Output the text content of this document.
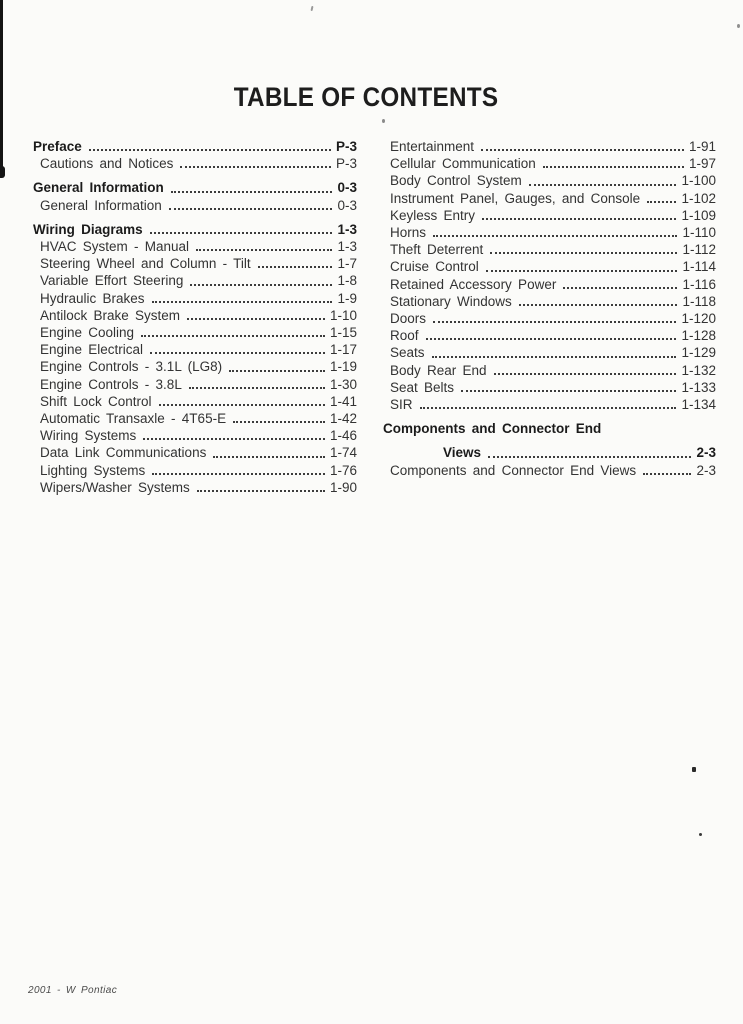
TABLE OF CONTENTS
Preface	P-3
Cautions and Notices	P-3
General Information	0-3
General Information	0-3
Wiring Diagrams	1-3
HVAC System - Manual	1-3
Steering Wheel and Column - Tilt	1-7
Variable Effort Steering	1-8
Hydraulic Brakes	1-9
Antilock Brake System	1-10
Engine Cooling	1-15
Engine Electrical	1-17
Engine Controls - 3.1L (LG8)	1-19
Engine Controls - 3.8L	1-30
Shift Lock Control	1-41
Automatic Transaxle - 4T65-E	1-42
Wiring Systems	1-46
Data Link Communications	1-74
Lighting Systems	1-76
Wipers/Washer Systems	1-90
Entertainment	1-91
Cellular Communication	1-97
Body Control System	1-100
Instrument Panel, Gauges, and Console	1-102
Keyless Entry	1-109
Horns	1-110
Theft Deterrent	1-112
Cruise Control	1-114
Retained Accessory Power	1-116
Stationary Windows	1-118
Doors	1-120
Roof	1-128
Seats	1-129
Body Rear End	1-132
Seat Belts	1-133
SIR	1-134
Components and Connector End
Views	2-3
Components and Connector End Views	2-3
2001 - W Pontiac
